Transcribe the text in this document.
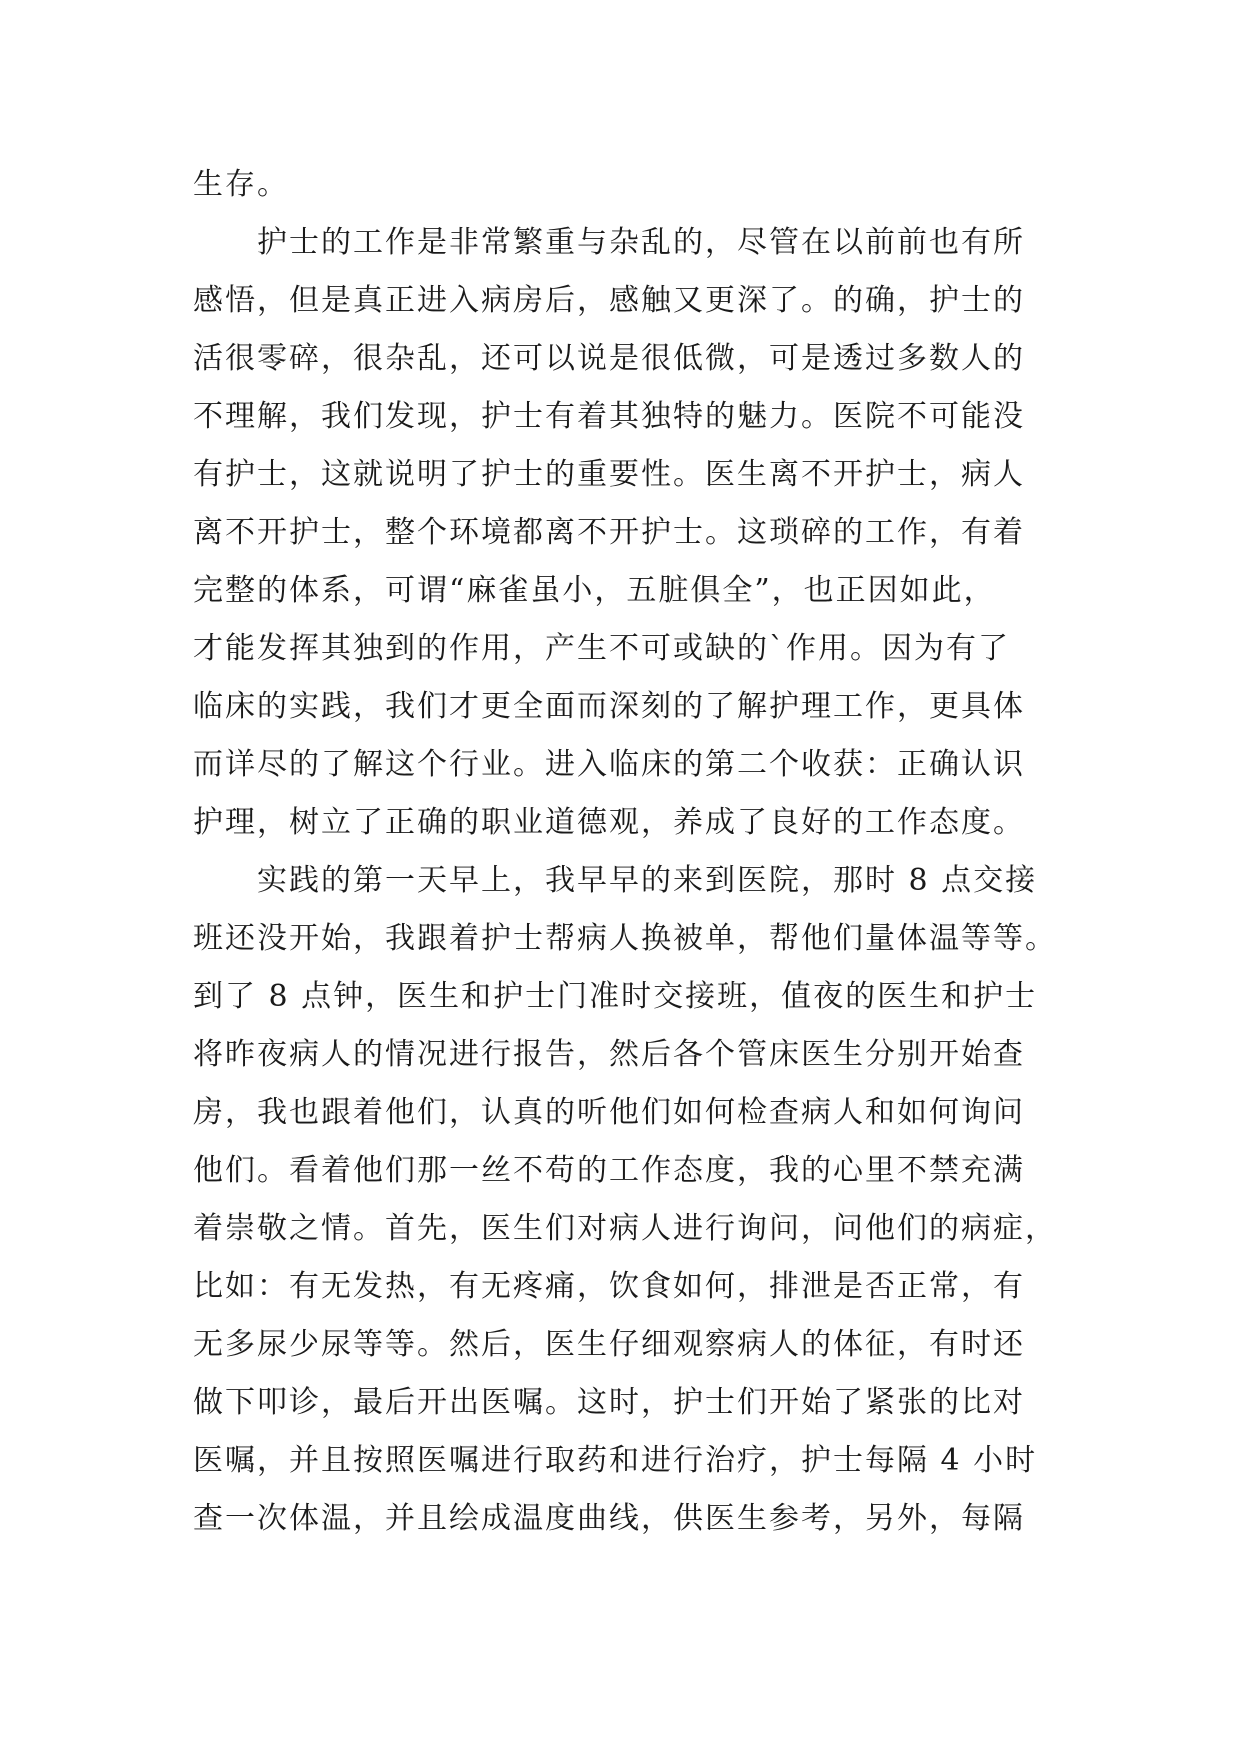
生存。
护士的工作是非常繁重与杂乱的，尽管在以前前也有所
感悟，但是真正进入病房后，感触又更深了。的确，护士的
活很零碎，很杂乱，还可以说是很低微，可是透过多数人的
不理解，我们发现，护士有着其独特的魅力。医院不可能没
有护士，这就说明了护士的重要性。医生离不开护士，病人
离不开护士，整个环境都离不开护士。这琐碎的工作，有着
完整的体系，可谓“麻雀虽小，五脏俱全”，也正因如此，
才能发挥其独到的作用，产生不可或缺的`作用。因为有了
临床的实践，我们才更全面而深刻的了解护理工作，更具体
而详尽的了解这个行业。进入临床的第二个收获：正确认识
护理，树立了正确的职业道德观，养成了良好的工作态度。
实践的第一天早上，我早早的来到医院，那时 8 点交接
班还没开始，我跟着护士帮病人换被单，帮他们量体温等等。
到了 8 点钟，医生和护士门准时交接班，值夜的医生和护士
将昨夜病人的情况进行报告，然后各个管床医生分别开始查
房，我也跟着他们，认真的听他们如何检查病人和如何询问
他们。看着他们那一丝不苟的工作态度，我的心里不禁充满
着崇敬之情。首先，医生们对病人进行询问，问他们的病症，
比如：有无发热，有无疼痛，饮食如何，排泄是否正常，有
无多尿少尿等等。然后，医生仔细观察病人的体征，有时还
做下叩诊，最后开出医嘱。这时，护士们开始了紧张的比对
医嘱，并且按照医嘱进行取药和进行治疗，护士每隔 4 小时
查一次体温，并且绘成温度曲线，供医生参考，另外，每隔
